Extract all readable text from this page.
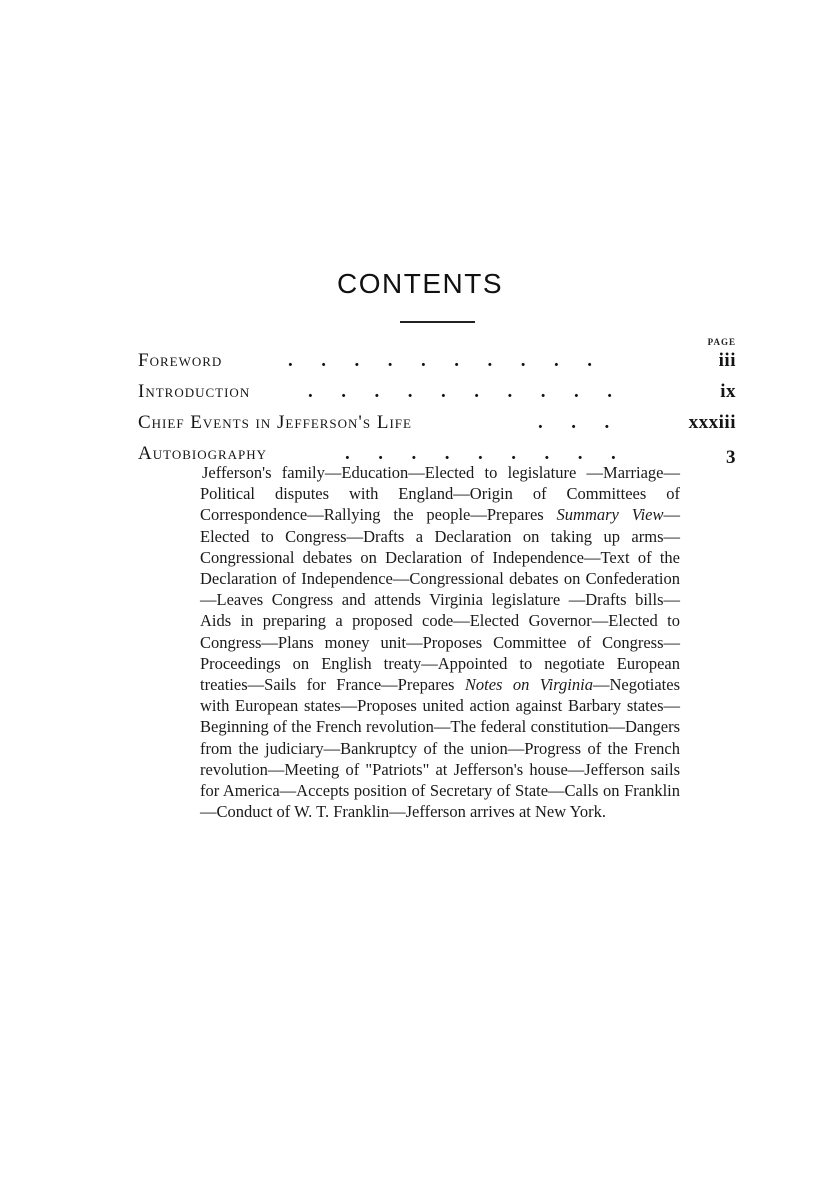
CONTENTS
PAGE
Foreword	.      .      .      .      .      .      .      .      .      .	iii
Introduction	.      .      .      .      .      .      .      .      .      .	ix
Chief Events in Jefferson's Life	.      .      .	xxxiii
Autobiography	.      .      .      .      .      .      .      .      .	3
Jefferson's family—Education—Elected to legislature —Marriage—Political disputes with England—Origin of Committees of Correspondence—Rallying the people—Prepares Summary View—Elected to Congress—Drafts a Declaration on taking up arms—Congressional debates on Declaration of Independence—Text of the Declaration of Independence—Congressional debates on Confederation—Leaves Congress and attends Virginia legislature —Drafts bills—Aids in preparing a proposed code—Elected Governor—Elected to Congress—Plans money unit—Proposes Committee of Congress—Proceedings on English treaty—Appointed to negotiate European treaties—Sails for France—Prepares Notes on Virginia—Negotiates with European states—Proposes united action against Barbary states—Beginning of the French revolution—The federal constitution—Dangers from the judiciary—Bankruptcy of the union—Progress of the French revolution—Meeting of "Patriots" at Jefferson's house—Jefferson sails for America—Accepts position of Secretary of State—Calls on Franklin—Conduct of W. T. Franklin—Jefferson arrives at New York.
